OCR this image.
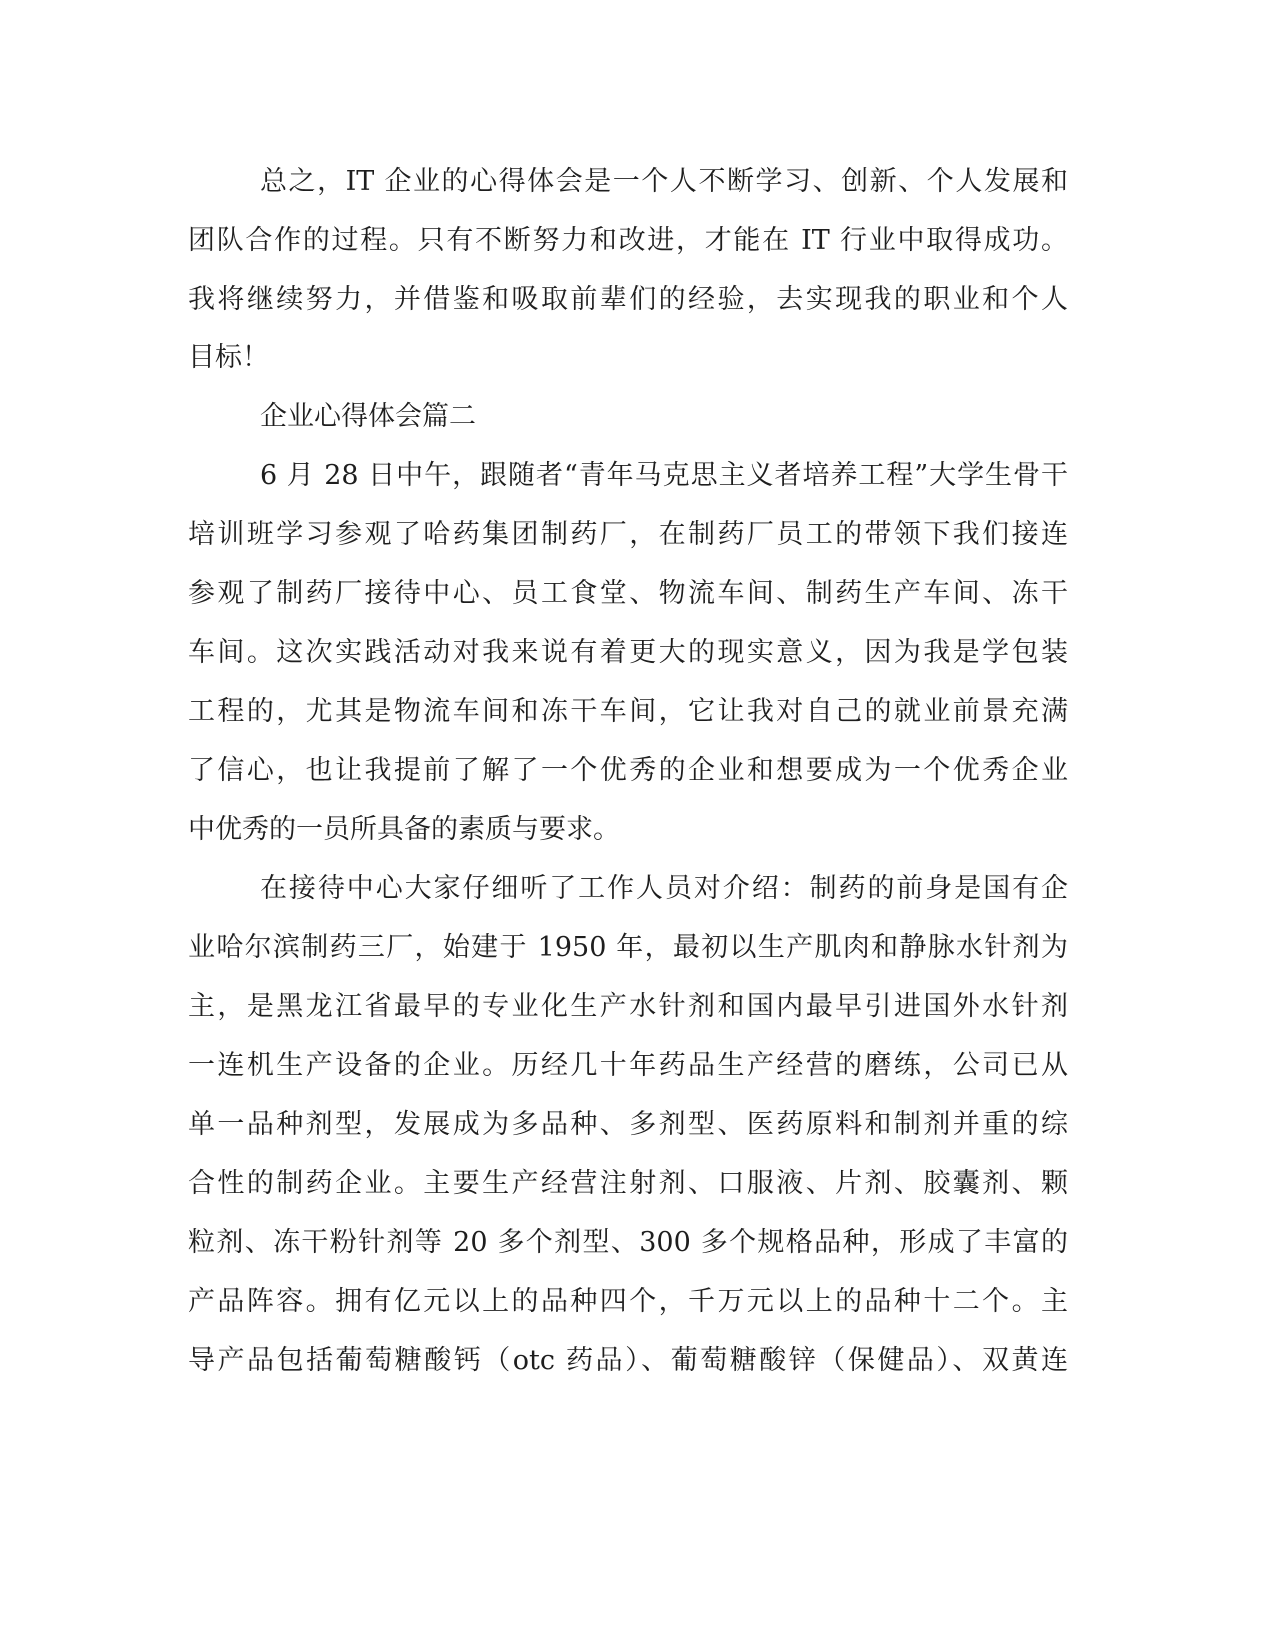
总之，IT 企业的心得体会是一个人不断学习、创新、个人发展和

团队合作的过程。只有不断努力和改进，才能在 IT 行业中取得成功。

我将继续努力，并借鉴和吸取前辈们的经验，去实现我的职业和个人

目标！

企业心得体会篇二

6 月 28 日中午，跟随者“青年马克思主义者培养工程”大学生骨干

培训班学习参观了哈药集团制药厂，在制药厂员工的带领下我们接连

参观了制药厂接待中心、员工食堂、物流车间、制药生产车间、冻干

车间。这次实践活动对我来说有着更大的现实意义，因为我是学包装

工程的，尤其是物流车间和冻干车间，它让我对自己的就业前景充满

了信心，也让我提前了解了一个优秀的企业和想要成为一个优秀企业

中优秀的一员所具备的素质与要求。

在接待中心大家仔细听了工作人员对介绍：制药的前身是国有企

业哈尔滨制药三厂，始建于 1950 年，最初以生产肌肉和静脉水针剂为

主，是黑龙江省最早的专业化生产水针剂和国内最早引进国外水针剂

一连机生产设备的企业。历经几十年药品生产经营的磨练，公司已从

单一品种剂型，发展成为多品种、多剂型、医药原料和制剂并重的综

合性的制药企业。主要生产经营注射剂、口服液、片剂、胶囊剂、颗

粒剂、冻干粉针剂等 20 多个剂型、300 多个规格品种，形成了丰富的

产品阵容。拥有亿元以上的品种四个，千万元以上的品种十二个。主

导产品包括葡萄糖酸钙（otc 药品）、葡萄糖酸锌（保健品）、双黄连
